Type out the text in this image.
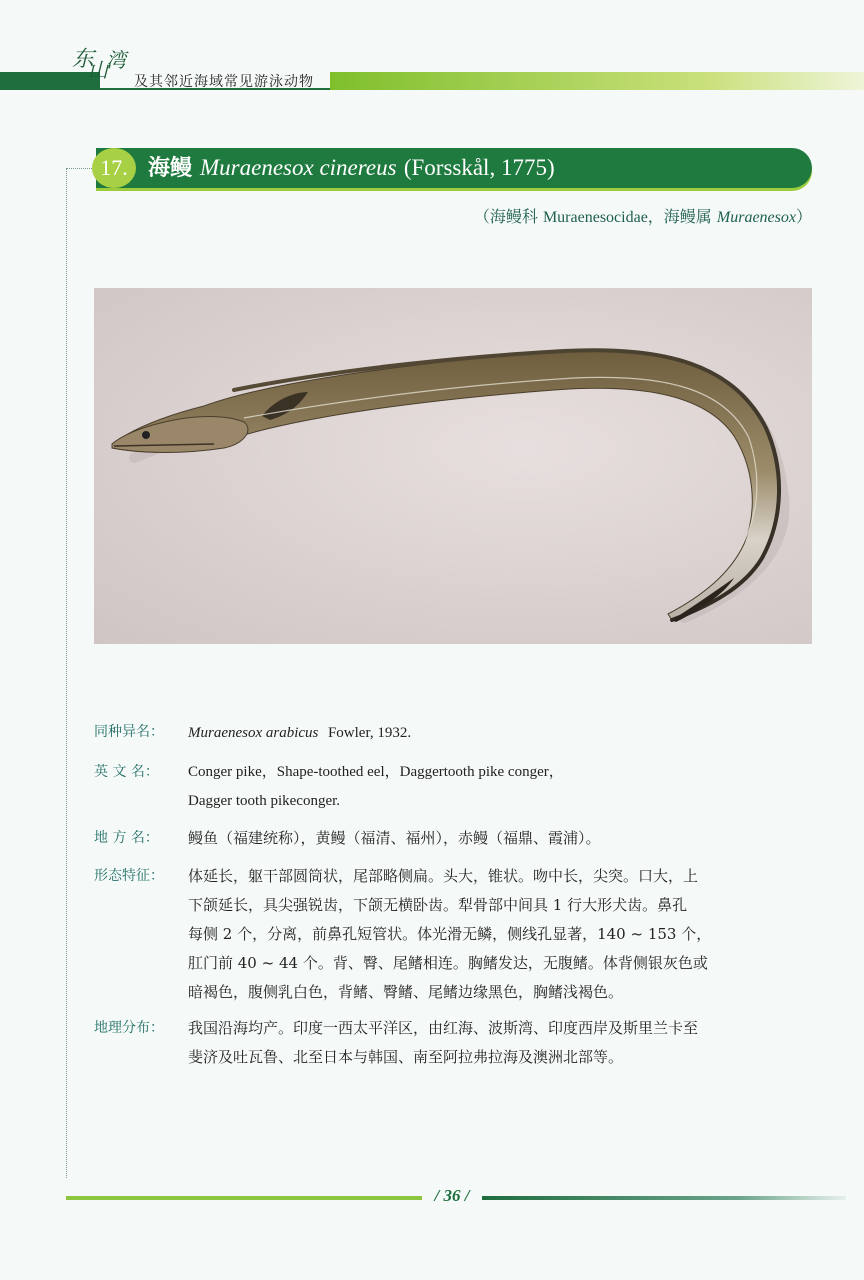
东
山
湾
及其邻近海域常见游泳动物
17. 海鳗 Muraenesox cinereus (Forsskål, 1775)
（海鳗科 Muraenesocidae，海鳗属 Muraenesox）
同种异名：	Muraenesox arabicus Fowler, 1932.
英 文 名：	Conger pike，Shape-toothed eel，Daggertooth pike conger，

Dagger tooth pikeconger.

地 方 名：	鳗鱼（福建统称），黄鳗（福清、福州），赤鳗（福鼎、霞浦）。
形态特征：	体延长，躯干部圆筒状，尾部略侧扁。头大，锥状。吻中长，尖突。口大，上

下颌延长，具尖强锐齿，下颌无横卧齿。犁骨部中间具 1 行大形犬齿。鼻孔

每侧 2 个，分离，前鼻孔短管状。体光滑无鳞，侧线孔显著，140 ~ 153 个，

肛门前 40 ~ 44 个。背、臀、尾鳍相连。胸鳍发达，无腹鳍。体背侧银灰色或

暗褐色，腹侧乳白色，背鳍、臀鳍、尾鳍边缘黑色，胸鳍浅褐色。

地理分布：	我国沿海均产。印度一西太平洋区，由红海、波斯湾、印度西岸及斯里兰卡至

斐济及吐瓦鲁、北至日本与韩国、南至阿拉弗拉海及澳洲北部等。

/ 36 /
